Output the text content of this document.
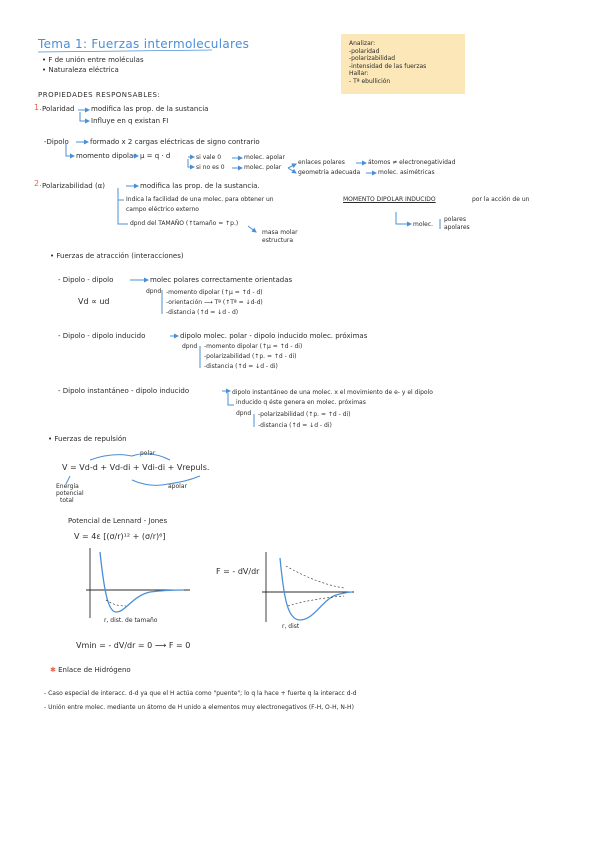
Tema 1: Fuerzas intermoleculares
• F de unión entre moléculas
• Naturaleza eléctrica
Analizar:
-polaridad
-polarizabilidad
-intensidad de las fuerzas
Hallar:
- Tª ebullición
PROPIEDADES RESPONSABLES:
1. Polaridad modifica las prop. de la sustancia
Influye en q existan FI
-Dipolo	formado x 2 cargas eléctricas de signo contrario
momento dipolar μ = q · d	si vale 0	molec. apolar
si no es 0	molec. polar
enlaces polares	átomos ≠ electronegatividad
geometría adecuada	molec. asimétricas
2. Polarizabilidad (α)	modifica las prop. de la sustancia.
Indica la facilidad de una molec. para obtener un	MOMENTO DIPOLAR INDUCIDO	por la acción de un
campo eléctrico externo
dpnd del TAMAÑO (↑tamaño = ↑p.)
masa molar
estructura
molec.
polares
apolares
• Fuerzas de atracción (interacciones)
- Dipolo - dipolo	molec polares correctamente orientadas
dpnd
Vd ∝ ud
-momento dipolar (↑μ = ↑d - d)
-orientación ⟶ Tª (↑Tª = ↓d-d)
-distancia (↑d = ↓d - d)
- Dipolo - dipolo inducido	dipolo molec. polar - dipolo inducido molec. próximas
dpnd -momento dipolar (↑μ = ↑d - di)
-polarizabilidad (↑p. = ↑d - di)
-distancia (↑d = ↓d - di)
- Dipolo instantáneo - dipolo inducido	dipolo instantáneo de una molec. x el movimiento de e- y el dipolo
inducido q éste genera en molec. próximas
dpnd -polarizabilidad (↑p. = ↑d - di)
-distancia (↑d = ↓d - di)
• Fuerzas de repulsión
polar
V = Vd-d + Vd-di + Vdi-di + Vrepuls.
apolar
Energía
potencial
total
Potencial de Lennard - Jones
V = 4ε [(σ/r)¹² + (σ/r)⁶]
F = - dV/dr
r, dist. de tamaño
r, dist
Vmin = - dV/dr = 0 ⟶ F = 0
✱ Enlace de Hidrógeno
- Caso especial de interacc. d-d ya que el H actúa como "puente"; lo q la hace + fuerte q la interacc d-d
- Unión entre molec. mediante un átomo de H unido a elementos muy electronegativos (F-H, O-H, N-H)
